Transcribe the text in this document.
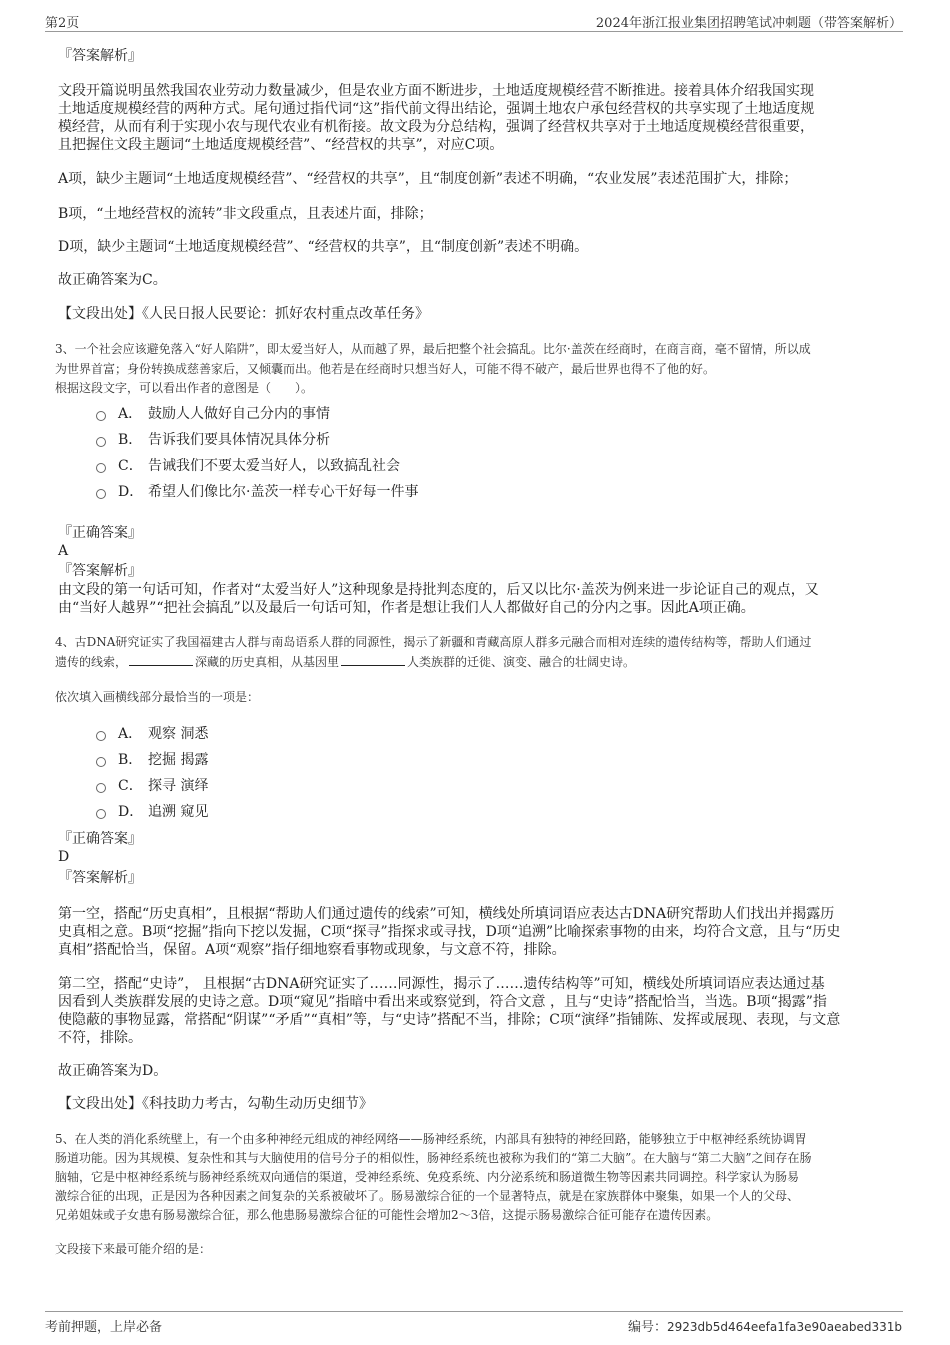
第2页	2024年浙江报业集团招聘笔试冲刺题（带答案解析）
『答案解析』
文段开篇说明虽然我国农业劳动力数量减少，但是农业方面不断进步，土地适度规模经营不断推进。接着具体介绍我国实现
土地适度规模经营的两种方式。尾句通过指代词“这”指代前文得出结论，强调土地农户承包经营权的共享实现了土地适度规
模经营，从而有利于实现小农与现代农业有机衔接。故文段为分总结构，强调了经营权共享对于土地适度规模经营很重要，
且把握住文段主题词“土地适度规模经营”、“经营权的共享”，对应C项。
A项，缺少主题词“土地适度规模经营”、“经营权的共享”，且“制度创新”表述不明确，“农业发展”表述范围扩大，排除；
B项，“土地经营权的流转”非文段重点，且表述片面，排除；
D项，缺少主题词“土地适度规模经营”、“经营权的共享”，且“制度创新”表述不明确。
故正确答案为C。
【文段出处】《人民日报人民要论：抓好农村重点改革任务》
3、一个社会应该避免落入“好人陷阱”，即太爱当好人，从而越了界，最后把整个社会搞乱。比尔·盖茨在经商时，在商言商，毫不留情，所以成
为世界首富；身份转换成慈善家后，又倾囊而出。他若是在经商时只想当好人，可能不得不破产，最后世界也得不了他的好。
根据这段文字，可以看出作者的意图是（　　）。
A． 鼓励人人做好自己分内的事情
B． 告诉我们要具体情况具体分析
C． 告诫我们不要太爱当好人，以致搞乱社会
D． 希望人们像比尔·盖茨一样专心干好每一件事
『正确答案』
A
『答案解析』
由文段的第一句话可知，作者对“太爱当好人”这种现象是持批判态度的，后又以比尔·盖茨为例来进一步论证自己的观点，又
由“当好人越界”“把社会搞乱”以及最后一句话可知，作者是想让我们人人都做好自己的分内之事。因此A项正确。
4、古DNA研究证实了我国福建古人群与南岛语系人群的同源性，揭示了新疆和青藏高原人群多元融合而相对连续的遗传结构等，帮助人们通过
遗传的线索，	深藏的历史真相，从基因里	人类族群的迁徙、演变、融合的壮阔史诗。
依次填入画横线部分最恰当的一项是：
A． 观察 洞悉
B． 挖掘 揭露
C． 探寻 演绎
D． 追溯 窥见
『正确答案』
D
『答案解析』
第一空，搭配“历史真相”，且根据“帮助人们通过遗传的线索”可知，横线处所填词语应表达古DNA研究帮助人们找出并揭露历
史真相之意。B项“挖掘”指向下挖以发掘，C项“探寻”指探求或寻找，D项“追溯”比喻探索事物的由来，均符合文意，且与“历史
真相”搭配恰当，保留。A项“观察”指仔细地察看事物或现象，与文意不符，排除。
第二空，搭配“史诗”， 且根据“古DNA研究证实了……同源性，揭示了……遗传结构等”可知，横线处所填词语应表达通过基
因看到人类族群发展的史诗之意。D项“窥见”指暗中看出来或察觉到，符合文意 ，且与“史诗”搭配恰当，当选。B项“揭露”指
使隐蔽的事物显露，常搭配“阴谋”“矛盾”“真相”等，与“史诗”搭配不当，排除；C项“演绎”指铺陈、发挥或展现、表现，与文意
不符，排除。
故正确答案为D。
【文段出处】《科技助力考古，勾勒生动历史细节》
5、在人类的消化系统壁上，有一个由多种神经元组成的神经网络——肠神经系统，内部具有独特的神经回路，能够独立于中枢神经系统协调胃
肠道功能。因为其规模、复杂性和其与大脑使用的信号分子的相似性，肠神经系统也被称为我们的“第二大脑”。在大脑与“第二大脑”之间存在肠
脑轴，它是中枢神经系统与肠神经系统双向通信的渠道，受神经系统、免疫系统、内分泌系统和肠道微生物等因素共同调控。科学家认为肠易
激综合征的出现，正是因为各种因素之间复杂的关系被破坏了。肠易激综合征的一个显著特点，就是在家族群体中聚集，如果一个人的父母、
兄弟姐妹或子女患有肠易激综合征，那么他患肠易激综合征的可能性会增加2～3倍，这提示肠易激综合征可能存在遗传因素。
文段接下来最可能介绍的是：
考前押题，上岸必备	编号：2923db5d464eefa1fa3e90aeabed331b
